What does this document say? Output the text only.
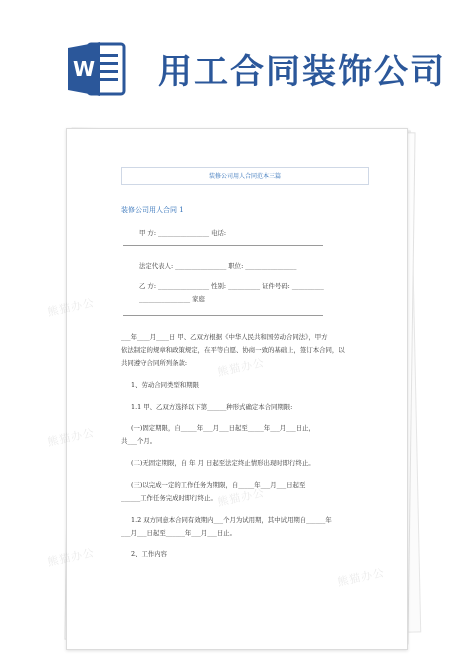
W 用工合同装饰公司
装修公司用人合同范本三篇
装修公司用人合同 1
甲 方: ________________ 电话:
法定代表人: ________________ 职位: ________________
乙 方: ________________ 性别: __________ 证件号码: __________
________________ 家庭
___年____月____日 甲、乙双方根据《中华人民共和国劳动合同法》，甲方
依法制定的规章和政策规定，在平等自愿、协商一致的基础上，签订本合同，以
共同遵守合同所列条款:
1、劳动合同类型和期限
1.1 甲、乙双方选择以下第______种形式确定本合同期限:
(一)固定期限，自_____年___月___日起至_____年___月___日止，
共___个月。
(二)无固定期限，自 年 月 日起至法定终止情形出现时即行终止。
(三)以完成一定的工作任务为期限，自_____年___月___日起至
______工作任务完成时即行终止。
1.2 双方同意本合同有效期内___个月为试用期，其中试用期自______年
___月___日起至______年___月___日止。
2、工作内容
熊猫办公
熊猫办公
熊猫办公
熊猫办公
熊猫办公
熊猫办公
